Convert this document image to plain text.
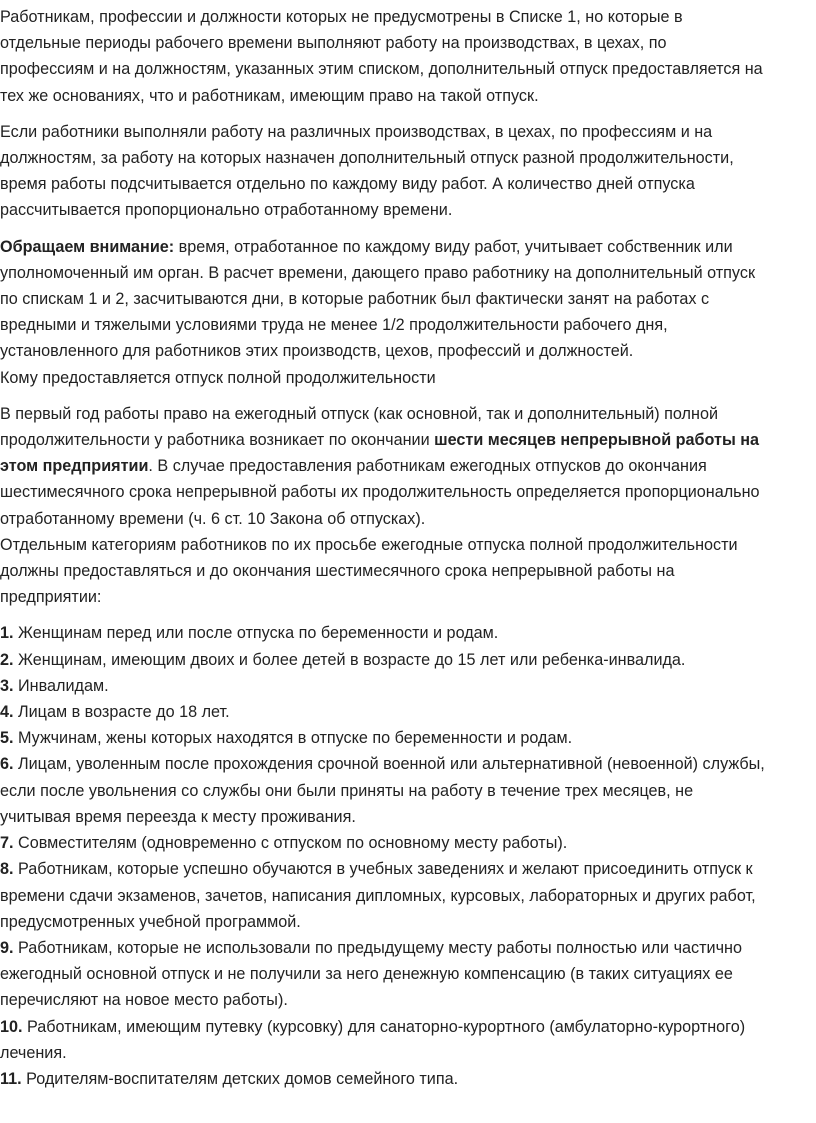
Работникам, профессии и должности которых не предусмотрены в Списке 1, но которые в
отдельные периоды рабочего времени выполняют работу на производствах, в цехах, по
профессиям и на должностям, указанных этим списком, дополнительный отпуск предоставляется на
тех же основаниях, что и работникам, имеющим право на такой отпуск.

Если работники выполняли работу на различных производствах, в цехах, по профессиям и на
должностям, за работу на которых назначен дополнительный отпуск разной продолжительности,
время работы подсчитывается отдельно по каждому виду работ. А количество дней отпуска
рассчитывается пропорционально отработанному времени.

Обращаем внимание: время, отработанное по каждому виду работ, учитывает собственник или
уполномоченный им орган. В расчет времени, дающего право работнику на дополнительный отпуск
по спискам 1 и 2, засчитываются дни, в которые работник был фактически занят на работах с
вредными и тяжелыми условиями труда не менее 1/2 продолжительности рабочего дня,
установленного для работников этих производств, цехов, профессий и должностей.
Кому предоставляется отпуск полной продолжительности

В первый год работы право на ежегодный отпуск (как основной, так и дополнительный) полной
продолжительности у работника возникает по окончании шести месяцев непрерывной работы на
этом предприятии. В случае предоставления работникам ежегодных отпусков до окончания
шестимесячного срока непрерывной работы их продолжительность определяется пропорционально
отработанному времени (ч. 6 ст. 10 Закона об отпусках).
Отдельным категориям работников по их просьбе ежегодные отпуска полной продолжительности
должны предоставляться и до окончания шестимесячного срока непрерывной работы на
предприятии:

1. Женщинам перед или после отпуска по беременности и родам.

2. Женщинам, имеющим двоих и более детей в возрасте до 15 лет или ребенка-инвалида.

3. Инвалидам.

4. Лицам в возрасте до 18 лет.

5. Мужчинам, жены которых находятся в отпуске по беременности и родам.

6. Лицам, уволенным после прохождения срочной военной или альтернативной (невоенной) службы,
если после увольнения со службы они были приняты на работу в течение трех месяцев, не
учитывая время переезда к месту проживания.

7. Совместителям (одновременно с отпуском по основному месту работы).

8. Работникам, которые успешно обучаются в учебных заведениях и желают присоединить отпуск к
времени сдачи экзаменов, зачетов, написания дипломных, курсовых, лабораторных и других работ,
предусмотренных учебной программой.

9. Работникам, которые не использовали по предыдущему месту работы полностью или частично
ежегодный основной отпуск и не получили за него денежную компенсацию (в таких ситуациях ее
перечисляют на новое место работы).

10. Работникам, имеющим путевку (курсовку) для санаторно-курортного (амбулаторно-курортного)
лечения.

11. Родителям-воспитателям детских домов семейного типа.
